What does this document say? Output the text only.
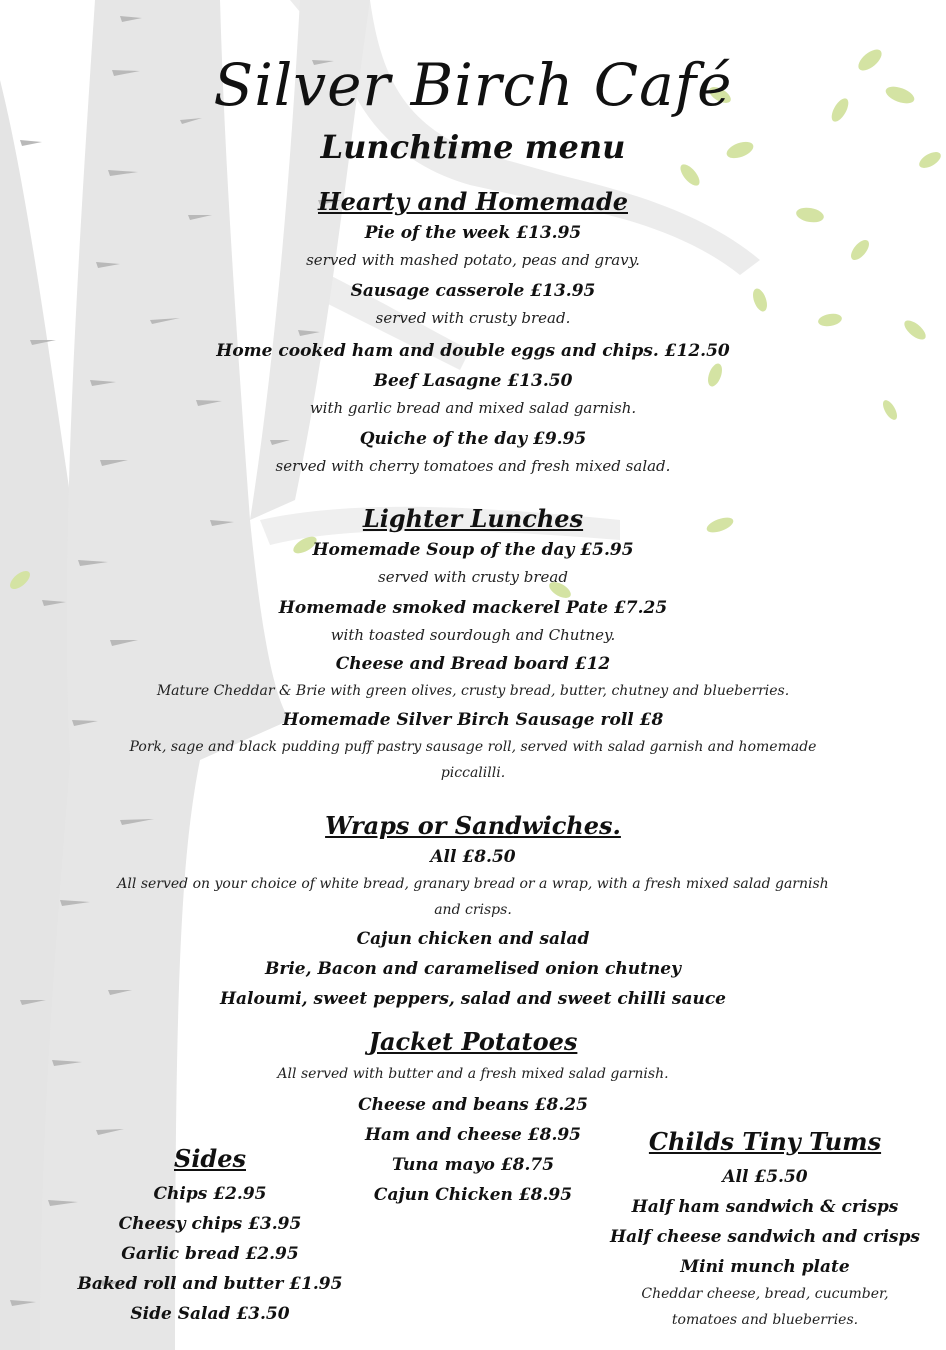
Silver Birch Café
Lunchtime menu
Hearty and Homemade
Pie of the week £13.95
served with mashed potato, peas and gravy.
Sausage casserole £13.95
served with crusty bread.
Home cooked ham and double eggs and chips. £12.50
Beef Lasagne £13.50
with garlic bread and mixed salad garnish.
Quiche of the day £9.95
served with cherry tomatoes and fresh mixed salad.
Lighter Lunches
Homemade Soup of the day £5.95
served with crusty bread
Homemade smoked mackerel Pate £7.25
with toasted sourdough and Chutney.
Cheese and Bread board £12
Mature Cheddar & Brie with green olives, crusty bread, butter, chutney and blueberries.
Homemade Silver Birch Sausage roll £8
Pork, sage and black pudding puff pastry sausage roll, served with salad garnish and homemade
piccalilli.
Wraps or Sandwiches.
All £8.50
All served on your choice of white bread, granary bread or a wrap, with a fresh mixed salad garnish
and crisps.
Cajun chicken and salad
Brie, Bacon and caramelised onion chutney
Haloumi, sweet peppers, salad and sweet chilli sauce
Jacket Potatoes
All served with butter and a fresh mixed salad garnish.
Cheese and beans £8.25
Ham and cheese £8.95
Tuna mayo £8.75
Cajun Chicken £8.95
Sides
Chips £2.95
Cheesy chips £3.95
Garlic bread £2.95
Baked roll and butter £1.95
Side Salad £3.50
Childs Tiny Tums
All £5.50
Half ham sandwich & crisps
Half cheese sandwich and crisps
Mini munch plate
Cheddar cheese, bread, cucumber,
tomatoes and blueberries.
